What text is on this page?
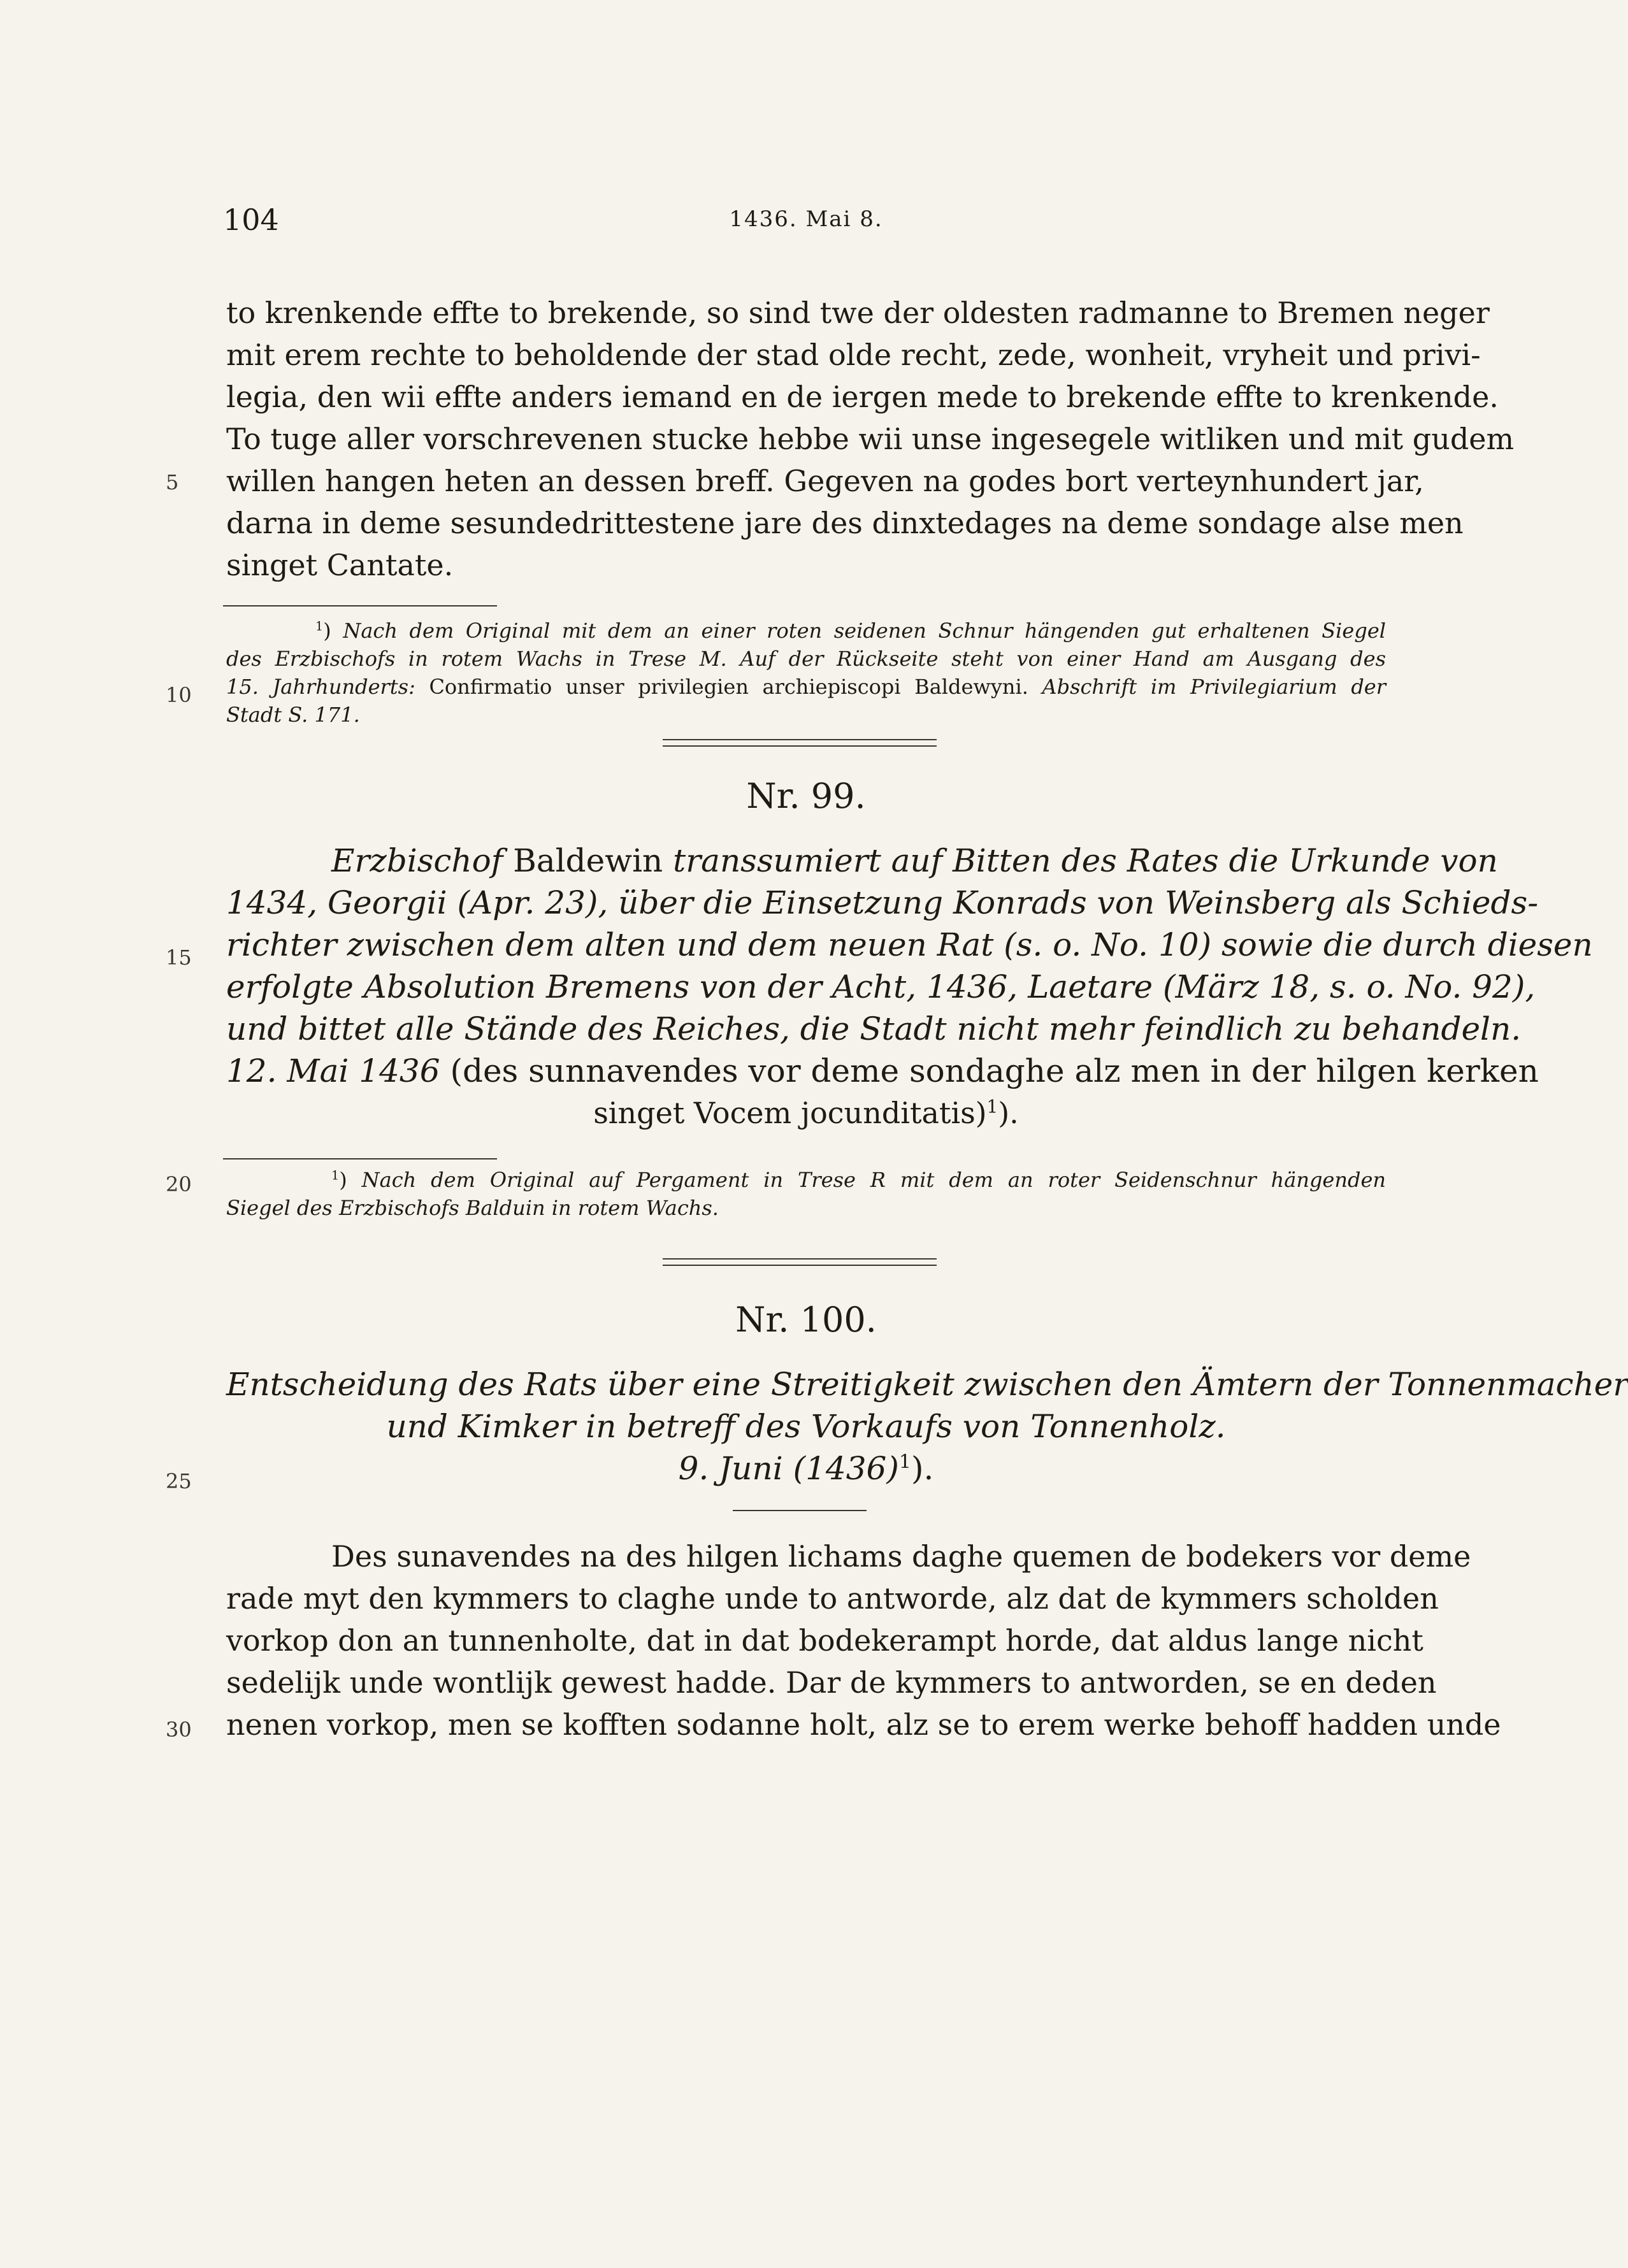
104	1436. Mai 8.
5
10
15
20
25
30
to krenkende effte to brekende, so sind twe der oldesten radmanne to Bremen neger
mit erem rechte to beholdende der stad olde recht, zede, wonheit, vryheit und privi-
legia, den wii effte anders iemand en de iergen mede to brekende effte to krenkende.
To tuge aller vorschrevenen stucke hebbe wii unse ingesegele witliken und mit gudem
willen hangen heten an dessen breff. Gegeven na godes bort verteynhundert jar,
darna in deme sesundedrittestene jare des dinxtedages na deme sondage alse men
singet Cantate.
$^1$) Nach dem Original mit dem an einer roten seidenen Schnur hängenden gut erhaltenen Siegel
des Erzbischofs in rotem Wachs in Trese M. Auf der Rückseite steht von einer Hand am Ausgang des
15. Jahrhunderts: Confirmatio unser privilegien archiepiscopi Baldewyni. Abschrift im Privilegiarium der
Stadt S. 171.
Nr. 99.
Erzbischof Baldewin transsumiert auf Bitten des Rates die Urkunde von
1434, Georgii (Apr. 23), über die Einsetzung Konrads von Weinsberg als Schieds-
richter zwischen dem alten und dem neuen Rat (s. o. No. 10) sowie die durch diesen
erfolgte Absolution Bremens von der Acht, 1436, Laetare (März 18, s. o. No. 92),
und bittet alle Stände des Reiches, die Stadt nicht mehr feindlich zu behandeln.
12. Mai 1436 (des sunnavendes vor deme sondaghe alz men in der hilgen kerken
singet Vocem jocunditatis)$^1$).
$^1$) Nach dem Original auf Pergament in Trese R mit dem an roter Seidenschnur hängenden
Siegel des Erzbischofs Balduin in rotem Wachs.
Nr. 100.
Entscheidung des Rats über eine Streitigkeit zwischen den Ämtern der Tonnenmacher
und Kimker in betreff des Vorkaufs von Tonnenholz.
9. Juni $(1436)^1$).
Des sunavendes na des hilgen lichams daghe quemen de bodekers vor deme
rade myt den kymmers to claghe unde to antworde, alz dat de kymmers scholden
vorkop don an tunnenholte, dat in dat bodekerampt horde, dat aldus lange nicht
sedelijk unde wontlijk gewest hadde. Dar de kymmers to antworden, se en deden
nenen vorkop, men se kofften sodanne holt, alz se to erem werke behoff hadden unde
